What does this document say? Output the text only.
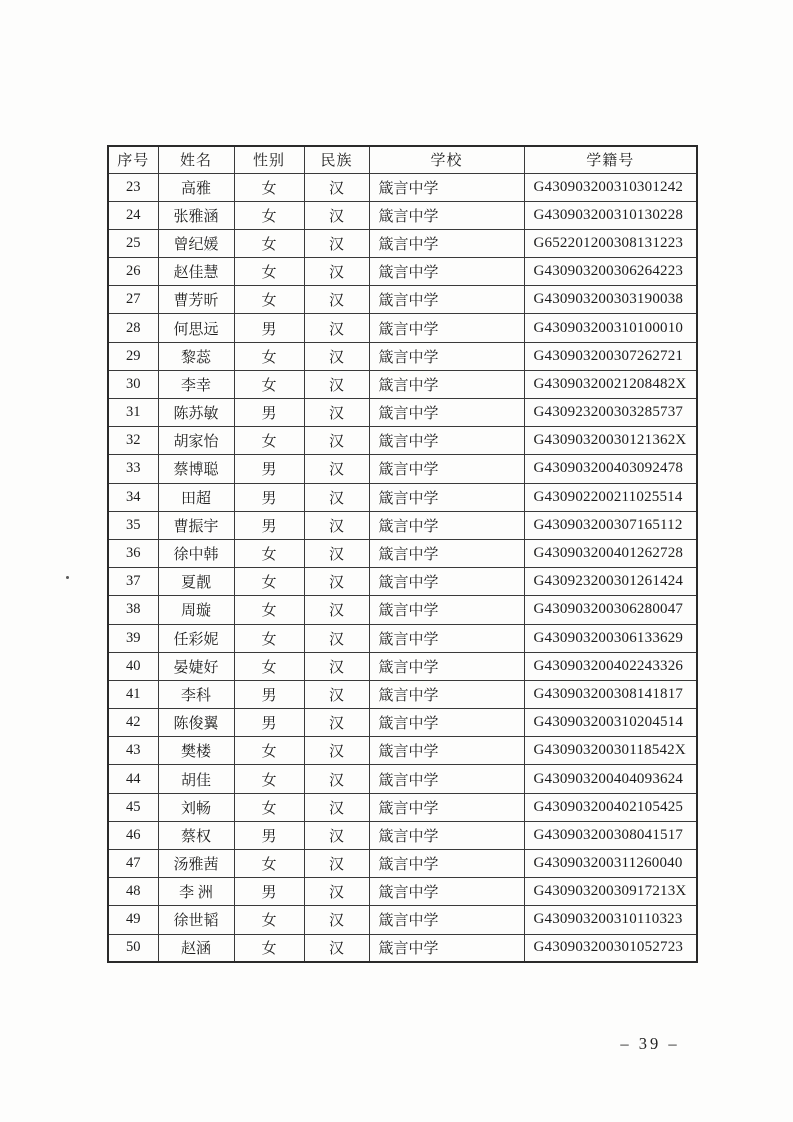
序号	姓名	性别	民族	学校	学籍号
23	高雅	女	汉	箴言中学	G430903200310301242
24	张雅涵	女	汉	箴言中学	G430903200310130228
25	曾纪媛	女	汉	箴言中学	G652201200308131223
26	赵佳慧	女	汉	箴言中学	G430903200306264223
27	曹芳昕	女	汉	箴言中学	G430903200303190038
28	何思远	男	汉	箴言中学	G430903200310100010
29	黎蕊	女	汉	箴言中学	G430903200307262721
30	李幸	女	汉	箴言中学	G43090320021208482X
31	陈苏敏	男	汉	箴言中学	G430923200303285737
32	胡家怡	女	汉	箴言中学	G43090320030121362X
33	蔡博聪	男	汉	箴言中学	G430903200403092478
34	田超	男	汉	箴言中学	G430902200211025514
35	曹振宇	男	汉	箴言中学	G430903200307165112
36	徐中韩	女	汉	箴言中学	G430903200401262728
37	夏靓	女	汉	箴言中学	G430923200301261424
38	周璇	女	汉	箴言中学	G430903200306280047
39	任彩妮	女	汉	箴言中学	G430903200306133629
40	晏婕好	女	汉	箴言中学	G430903200402243326
41	李科	男	汉	箴言中学	G430903200308141817
42	陈俊翼	男	汉	箴言中学	G430903200310204514
43	樊楼	女	汉	箴言中学	G43090320030118542X
44	胡佳	女	汉	箴言中学	G430903200404093624
45	刘畅	女	汉	箴言中学	G430903200402105425
46	蔡权	男	汉	箴言中学	G430903200308041517
47	汤雅茜	女	汉	箴言中学	G430903200311260040
48	李 洲	男	汉	箴言中学	G43090320030917213X
49	徐世韬	女	汉	箴言中学	G430903200310110323
50	赵涵	女	汉	箴言中学	G430903200301052723
– 39 –
